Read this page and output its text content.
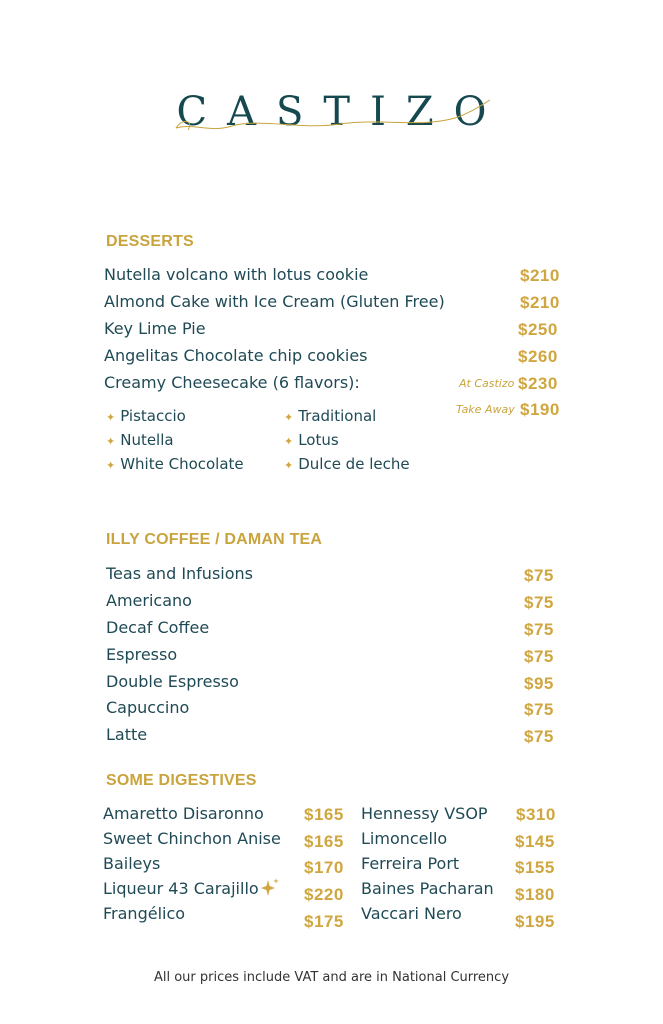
CASTIZO
DESSERTS
Nutella volcano with lotus cookie	$210
Almond Cake with Ice Cream (Gluten Free)	$210
Key Lime Pie	$250
Angelitas Chocolate chip cookies	$260
Creamy Cheesecake (6 flavors):	At Castizo $230
Take Away $190
✦ Pistaccio
✦ Nutella
✦ White Chocolate
✦ Traditional
✦ Lotus
✦ Dulce de leche
ILLY COFFEE / DAMAN TEA
Teas and Infusions	$75
Americano	$75
Decaf Coffee	$75
Espresso	$75
Double Espresso	$95
Capuccino	$75
Latte	$75
SOME DIGESTIVES
Amaretto Disaronno $165
Sweet Chinchon Anise $165
Baileys	$170
Liqueur 43 Carajillo	$220
Frangélico	$175
Hennessy VSOP $310
Limoncello	$145
Ferreira Port	$155
Baines Pacharan $180
Vaccari Nero	$195
All our prices include VAT and are in National Currency
